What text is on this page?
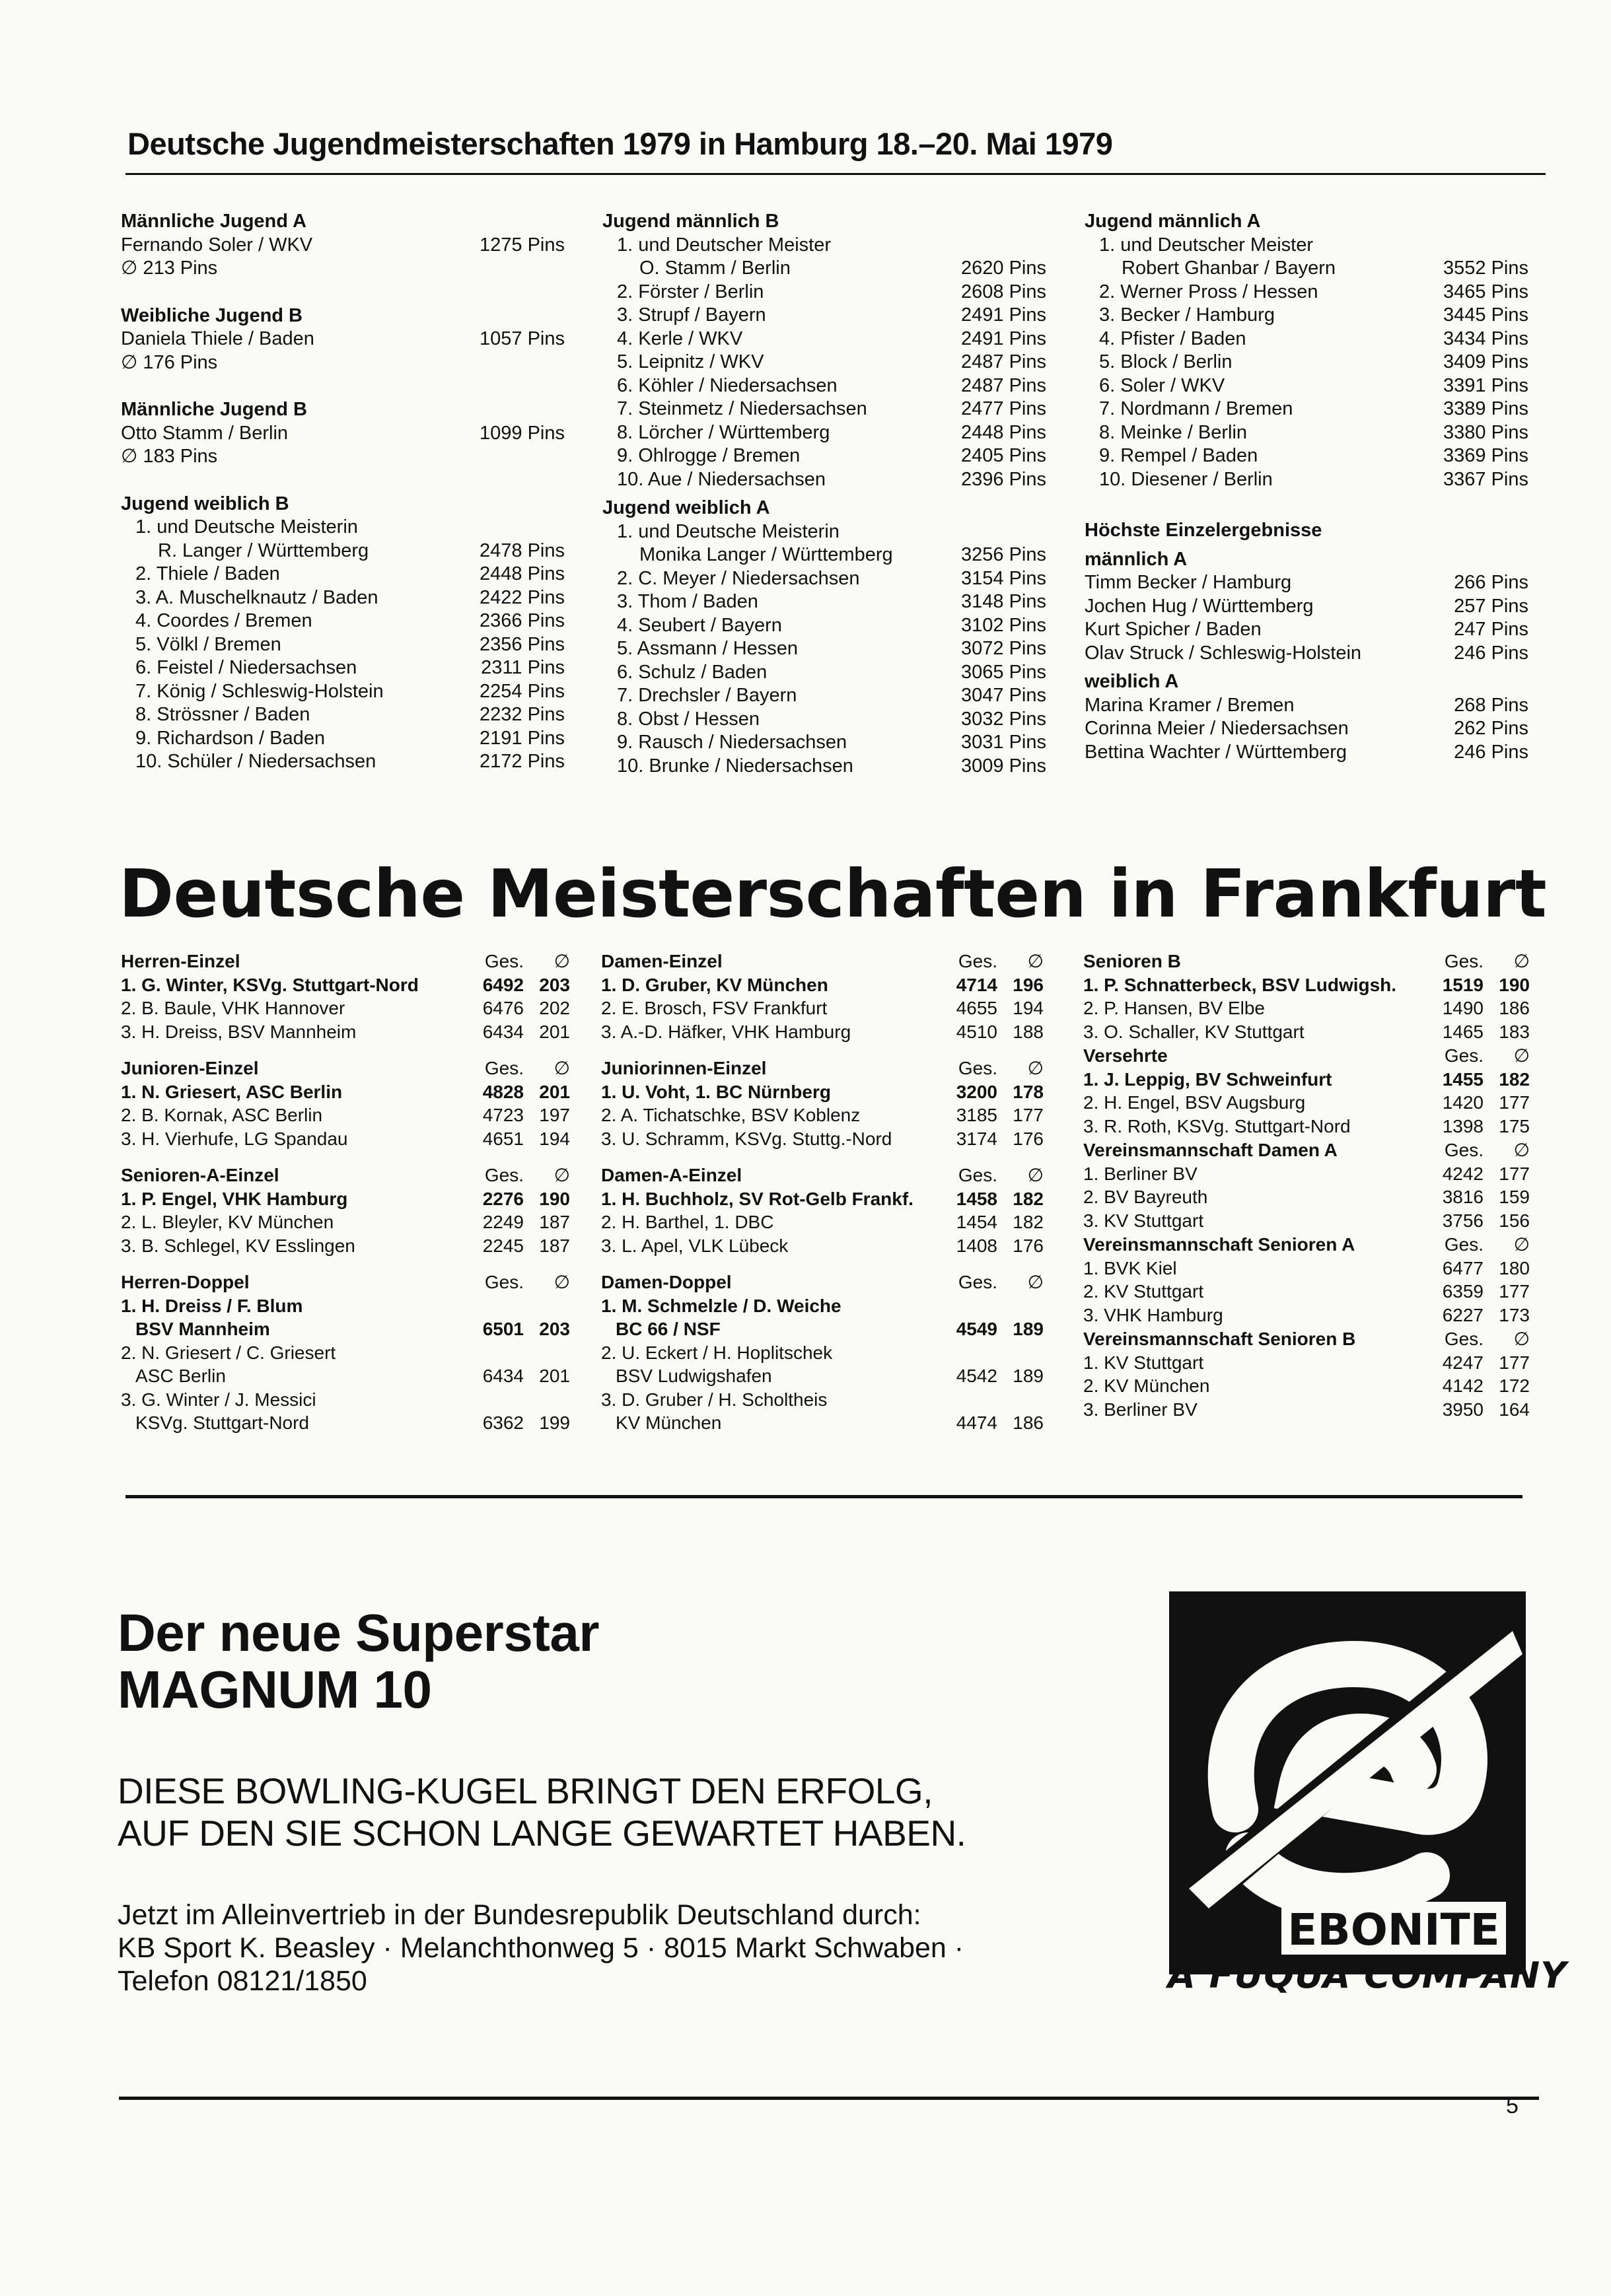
Deutsche Jugendmeisterschaften 1979 in Hamburg 18.–20. Mai 1979
Männliche Jugend A
Fernando Soler / WKV	1275 Pins
∅ 213 Pins
Weibliche Jugend B
Daniela Thiele / Baden	1057 Pins
∅ 176 Pins
Männliche Jugend B
Otto Stamm / Berlin	1099 Pins
∅ 183 Pins
Jugend weiblich B
1. und Deutsche Meisterin
R. Langer / Württemberg	2478 Pins
2. Thiele / Baden	2448 Pins
3. A. Muschelknautz / Baden	2422 Pins
4. Coordes / Bremen	2366 Pins
5. Völkl / Bremen	2356 Pins
6. Feistel / Niedersachsen	2311 Pins
7. König / Schleswig-Holstein	2254 Pins
8. Strössner / Baden	2232 Pins
9. Richardson / Baden	2191 Pins
10. Schüler / Niedersachsen	2172 Pins
Jugend männlich B
1. und Deutscher Meister
O. Stamm / Berlin	2620 Pins
2. Förster / Berlin	2608 Pins
3. Strupf / Bayern	2491 Pins
4. Kerle / WKV	2491 Pins
5. Leipnitz / WKV	2487 Pins
6. Köhler / Niedersachsen	2487 Pins
7. Steinmetz / Niedersachsen	2477 Pins
8. Lörcher / Württemberg	2448 Pins
9. Ohlrogge / Bremen	2405 Pins
10. Aue / Niedersachsen	2396 Pins
Jugend weiblich A
1. und Deutsche Meisterin
Monika Langer / Württemberg	3256 Pins
2. C. Meyer / Niedersachsen	3154 Pins
3. Thom / Baden	3148 Pins
4. Seubert / Bayern	3102 Pins
5. Assmann / Hessen	3072 Pins
6. Schulz / Baden	3065 Pins
7. Drechsler / Bayern	3047 Pins
8. Obst / Hessen	3032 Pins
9. Rausch / Niedersachsen	3031 Pins
10. Brunke / Niedersachsen	3009 Pins
Jugend männlich A
1. und Deutscher Meister
Robert Ghanbar / Bayern	3552 Pins
2. Werner Pross / Hessen	3465 Pins
3. Becker / Hamburg	3445 Pins
4. Pfister / Baden	3434 Pins
5. Block / Berlin	3409 Pins
6. Soler / WKV	3391 Pins
7. Nordmann / Bremen	3389 Pins
8. Meinke / Berlin	3380 Pins
9. Rempel / Baden	3369 Pins
10. Diesener / Berlin	3367 Pins
Höchste Einzelergebnisse
männlich A
Timm Becker / Hamburg	266 Pins
Jochen Hug / Württemberg	257 Pins
Kurt Spicher / Baden	247 Pins
Olav Struck / Schleswig-Holstein	246 Pins
weiblich A
Marina Kramer / Bremen	268 Pins
Corinna Meier / Niedersachsen	262 Pins
Bettina Wachter / Württemberg	246 Pins
Deutsche Meisterschaften in Frankfurt
Herren-Einzel	Ges.	∅
1. G. Winter, KSVg. Stuttgart-Nord	6492 203
2. B. Baule, VHK Hannover	6476 202
3. H. Dreiss, BSV Mannheim	6434 201
Junioren-Einzel	Ges.	∅
1. N. Griesert, ASC Berlin	4828 201
2. B. Kornak, ASC Berlin	4723 197
3. H. Vierhufe, LG Spandau	4651 194
Senioren-A-Einzel	Ges.	∅
1. P. Engel, VHK Hamburg	2276 190
2. L. Bleyler, KV München	2249 187
3. B. Schlegel, KV Esslingen	2245 187
Herren-Doppel	Ges.	∅
1. H. Dreiss / F. Blum
BSV Mannheim	6501 203
2. N. Griesert / C. Griesert
ASC Berlin	6434 201
3. G. Winter / J. Messici
KSVg. Stuttgart-Nord	6362 199
Damen-Einzel	Ges.	∅
1. D. Gruber, KV München	4714 196
2. E. Brosch, FSV Frankfurt	4655 194
3. A.-D. Häfker, VHK Hamburg	4510 188
Juniorinnen-Einzel	Ges.	∅
1. U. Voht, 1. BC Nürnberg	3200 178
2. A. Tichatschke, BSV Koblenz	3185 177
3. U. Schramm, KSVg. Stuttg.-Nord	3174 176
Damen-A-Einzel	Ges.	∅
1. H. Buchholz, SV Rot-Gelb Frankf.	1458 182
2. H. Barthel, 1. DBC	1454 182
3. L. Apel, VLK Lübeck	1408 176
Damen-Doppel	Ges.	∅
1. M. Schmelzle / D. Weiche
BC 66 / NSF	4549 189
2. U. Eckert / H. Hoplitschek
BSV Ludwigshafen	4542 189
3. D. Gruber / H. Scholtheis
KV München	4474 186
Senioren B	Ges.	∅
1. P. Schnatterbeck, BSV Ludwigsh.	1519 190
2. P. Hansen, BV Elbe	1490 186
3. O. Schaller, KV Stuttgart	1465 183
Versehrte	Ges.	∅
1. J. Leppig, BV Schweinfurt	1455 182
2. H. Engel, BSV Augsburg	1420 177
3. R. Roth, KSVg. Stuttgart-Nord	1398 175
Vereinsmannschaft Damen A	Ges.	∅
1. Berliner BV	4242 177
2. BV Bayreuth	3816 159
3. KV Stuttgart	3756 156
Vereinsmannschaft Senioren A	Ges.	∅
1. BVK Kiel	6477 180
2. KV Stuttgart	6359 177
3. VHK Hamburg	6227 173
Vereinsmannschaft Senioren B	Ges.	∅
1. KV Stuttgart	4247 177
2. KV München	4142 172
3. Berliner BV	3950 164
Der neue Superstar
MAGNUM 10
DIESE BOWLING-KUGEL BRINGT DEN ERFOLG,
AUF DEN SIE SCHON LANGE GEWARTET HABEN.
Jetzt im Alleinvertrieb in der Bundesrepublik Deutschland durch:
KB Sport K. Beasley · Melanchthonweg 5 · 8015 Markt Schwaben ·
Telefon 08121/1850
EBONITE
A FUQUA COMPANY
5
